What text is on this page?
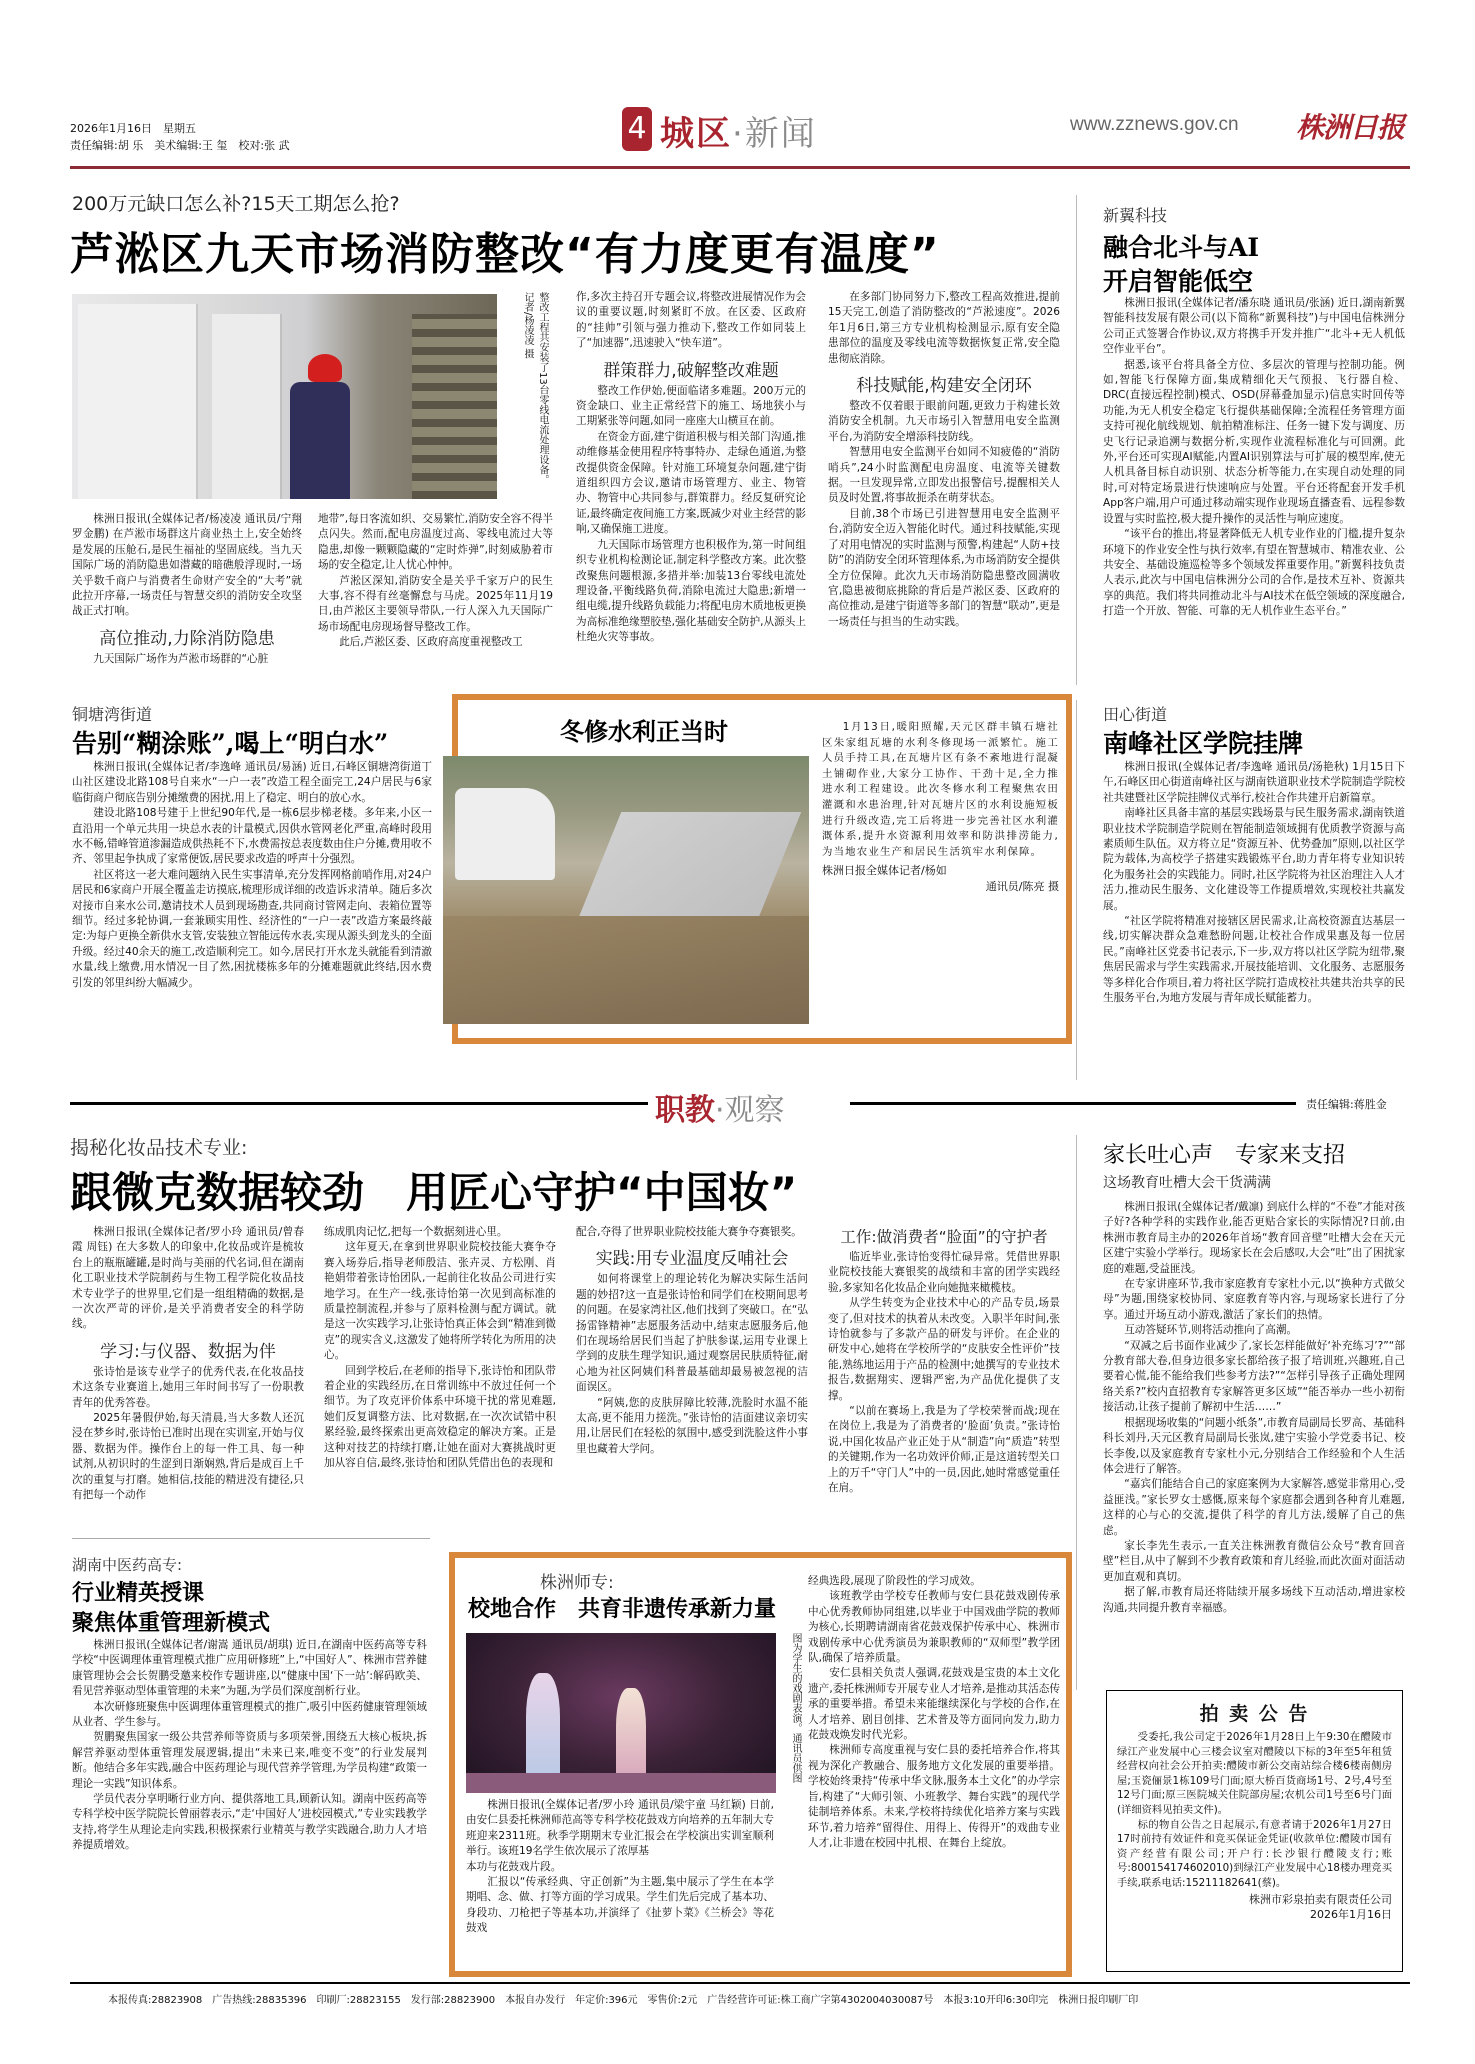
2026年1月16日　星期五
责任编辑:胡 乐　美术编辑:王 玺　校对:张 武	4 城区·新闻	www.zznews.gov.cn 株洲日报
200万元缺口怎么补?15天工期怎么抢?
芦淞区九天市场消防整改“有力度更有温度”
整改工程共安装了13台零线电流处理设备。记者/杨凌凌 摄

株洲日报讯(全媒体记者/杨凌凌 通讯员/宁翔 罗金鹏) 在芦淞市场群这片商业热土上,安全始终是发展的压舱石,是民生福祉的坚固底线。当九天国际广场的消防隐患如潜藏的暗礁般浮现时,一场关乎数千商户与消费者生命财产安全的“大考”就此拉开序幕,一场责任与智慧交织的消防安全攻坚战正式打响。

高位推动,力除消防隐患

九天国际广场作为芦淞市场群的“心脏

地带”,每日客流如织、交易繁忙,消防安全容不得半点闪失。然而,配电房温度过高、零线电流过大等隐患,却像一颗颗隐藏的“定时炸弹”,时刻威胁着市场的安全稳定,让人忧心忡忡。

芦淞区深知,消防安全是关乎千家万户的民生大事,容不得有丝毫懈怠与马虎。2025年11月19日,由芦淞区主要领导带队,一行人深入九天国际广场市场配电房现场督导整改工作。

此后,芦淞区委、区政府高度重视整改工

作,多次主持召开专题会议,将整改进展情况作为会议的重要议题,时刻紧盯不放。在区委、区政府的“挂帅”引领与强力推动下,整改工作如同装上了“加速器”,迅速驶入“快车道”。

群策群力,破解整改难题

整改工作伊始,便面临诸多难题。200万元的资金缺口、业主正常经营下的施工、场地狭小与工期紧张等问题,如同一座座大山横亘在前。

在资金方面,建宁街道积极与相关部门沟通,推动维修基金使用程序特事特办、走绿色通道,为整改提供资金保障。针对施工环境复杂问题,建宁街道组织四方会议,邀请市场管理方、业主、物管办、物管中心共同参与,群策群力。经反复研究论证,最终确定夜间施工方案,既减少对业主经营的影响,又确保施工进度。

九天国际市场管理方也积极作为,第一时间组织专业机构检测论证,制定科学整改方案。此次整改聚焦问题根源,多措并举:加装13台零线电流处理设备,平衡线路负荷,消除电流过大隐患;新增一组电缆,提升线路负载能力;将配电房木质地板更换为高标准绝缘塑胶垫,强化基础安全防护,从源头上杜绝火灾等事故。

在多部门协同努力下,整改工程高效推进,提前15天完工,创造了消防整改的“芦淞速度”。2026年1月6日,第三方专业机构检测显示,原有安全隐患部位的温度及零线电流等数据恢复正常,安全隐患彻底消除。

科技赋能,构建安全闭环

整改不仅着眼于眼前问题,更致力于构建长效消防安全机制。九天市场引入智慧用电安全监测平台,为消防安全增添科技防线。

智慧用电安全监测平台如同不知疲倦的“消防哨兵”,24小时监测配电房温度、电流等关键数据。一旦发现异常,立即发出报警信号,提醒相关人员及时处置,将事故扼杀在萌芽状态。

目前,38个市场已引进智慧用电安全监测平台,消防安全迈入智能化时代。通过科技赋能,实现了对用电情况的实时监测与预警,构建起“人防+技防”的消防安全闭环管理体系,为市场消防安全提供全方位保障。此次九天市场消防隐患整改圆满收官,隐患被彻底挑除的背后是芦淞区委、区政府的高位推动,是建宁街道等多部门的智慧“联动”,更是一场责任与担当的生动实践。

新翼科技
融合北斗与AI
开启智能低空

株洲日报讯(全媒体记者/潘东晓 通讯员/张涵) 近日,湖南新翼智能科技发展有限公司(以下简称“新翼科技”)与中国电信株洲分公司正式签署合作协议,双方将携手开发并推广“北斗+无人机低空作业平台”。

据悉,该平台将具备全方位、多层次的管理与控制功能。例如,智能飞行保障方面,集成精细化天气预报、飞行器自检、DRC(直接远程控制)模式、OSD(屏幕叠加显示)信息实时回传等功能,为无人机安全稳定飞行提供基础保障;全流程任务管理方面支持可视化航线规划、航拍精准标注、任务一键下发与调度、历史飞行记录追溯与数据分析,实现作业流程标准化与可回溯。此外,平台还可实现AI赋能,内置AI识别算法与可扩展的模型库,使无人机具备目标自动识别、状态分析等能力,在实现自动处理的同时,可对特定场景进行快速响应与处置。平台还将配套开发手机App客户端,用户可通过移动端实现作业现场直播查看、远程参数设置与实时监控,极大提升操作的灵活性与响应速度。

“该平台的推出,将显著降低无人机专业作业的门槛,提升复杂环境下的作业安全性与执行效率,有望在智慧城市、精准农业、公共安全、基础设施巡检等多个领域发挥重要作用。”新翼科技负责人表示,此次与中国电信株洲分公司的合作,是技术互补、资源共享的典范。我们将共同推动北斗与AI技术在低空领域的深度融合,打造一个开放、智能、可靠的无人机作业生态平台。”

铜塘湾街道
告别“糊涂账”,喝上“明白水”

株洲日报讯(全媒体记者/李逸峰 通讯员/易涵) 近日,石峰区铜塘湾街道丁山社区建设北路108号自来水“一户一表”改造工程全面完工,24户居民与6家临街商户彻底告别分摊缴费的困扰,用上了稳定、明白的放心水。

建设北路108号建于上世纪90年代,是一栋6层步梯老楼。多年来,小区一直沿用一个单元共用一块总水表的计量模式,因供水管网老化严重,高峰时段用水不畅,错峰管道渗漏造成供热耗不下,水费需按总表度数由住户分摊,费用收不齐、邻里起争执成了家常便饭,居民要求改造的呼声十分强烈。

社区将这一老大难问题纳入民生实事清单,充分发挥网格前哨作用,对24户居民和6家商户开展全覆盖走访摸底,梳理形成详细的改造诉求清单。随后多次对接市自来水公司,邀请技术人员到现场勘查,共同商讨管网走向、表箱位置等细节。经过多轮协调,一套兼顾实用性、经济性的“一户一表”改造方案最终敲定:为每户更换全新供水支管,安装独立智能远传水表,实现从源头到龙头的全面升级。经过40余天的施工,改造顺利完工。如今,居民打开水龙头就能看到清澈水量,线上缴费,用水情况一目了然,困扰楼栋多年的分摊难题就此终结,因水费引发的邻里纠纷大幅减少。

冬修水利正当时	1月13日,暖阳照耀,天元区群丰镇石塘社区朱家组瓦塘的水利冬修现场一派繁忙。施工人员手持工具,在瓦塘片区有条不紊地进行混凝土铺砌作业,大家分工协作、干劲十足,全力推进水利工程建设。此次冬修水利工程聚焦农田灌溉和水患治理,针对瓦塘片区的水利设施短板进行升级改造,完工后将进一步完善社区水利灌溉体系,提升水资源利用效率和防洪排涝能力,为当地农业生产和居民生活筑牢水利保障。

株洲日报全媒体记者/杨如
通讯员/陈亮 摄
田心街道
南峰社区学院挂牌

株洲日报讯(全媒体记者/李逸峰 通讯员/汤艳秋) 1月15日下午,石峰区田心街道南峰社区与湖南铁道职业技术学院制造学院校社共建暨社区学院挂牌仪式举行,校社合作共建开启新篇章。

南峰社区具备丰富的基层实践场景与民生服务需求,湖南铁道职业技术学院制造学院则在智能制造领域拥有优质教学资源与高素质师生队伍。双方将立足“资源互补、优势叠加”原则,以社区学院为载体,为高校学子搭建实践锻炼平台,助力青年将专业知识转化为服务社会的实践能力。同时,社区学院将为社区治理注入人才活力,推动民生服务、文化建设等工作提质增效,实现校社共赢发展。

“社区学院将精准对接辖区居民需求,让高校资源直达基层一线,切实解决群众急难愁盼问题,让校社合作成果惠及每一位居民。”南峰社区党委书记表示,下一步,双方将以社区学院为纽带,聚焦居民需求与学生实践需求,开展技能培训、文化服务、志愿服务等多样化合作项目,着力将社区学院打造成校社共建共治共享的民生服务平台,为地方发展与青年成长赋能蓄力。

职教·观察	责任编辑:蒋胜金
揭秘化妆品技术专业:
跟微克数据较劲　用匠心守护“中国妆”

株洲日报讯(全媒体记者/罗小玲 通讯员/曾春霞 周钰) 在大多数人的印象中,化妆品或许是梳妆台上的瓶瓶罐罐,是时尚与美丽的代名词,但在湖南化工职业技术学院制药与生物工程学院化妆品技术专业学子的世界里,它们是一组组精确的数据,是一次次严苛的评价,是关乎消费者安全的科学防线。

学习:与仪器、数据为伴

张诗怡是该专业学子的优秀代表,在化妆品技术这条专业赛道上,她用三年时间书写了一份职教青年的优秀答卷。

2025年暑假伊始,每天清晨,当大多数人还沉浸在梦乡时,张诗怡已准时出现在实训室,开始与仪器、数据为伴。操作台上的每一件工具、每一种试剂,从初识时的生涩到日渐娴熟,背后是成百上千次的重复与打磨。她相信,技能的精进没有捷径,只有把每一个动作

练成肌肉记忆,把每一个数据刻进心里。

这年夏天,在拿到世界职业院校技能大赛争夺赛入场券后,指导老师殷洁、张卉灵、方松刚、肖艳娟带着张诗怡团队,一起前往化妆品公司进行实地学习。在生产一线,张诗怡第一次见到高标准的质量控制流程,并参与了原料检测与配方调试。就是这一次实践学习,让张诗怡真正体会到“精准到微克”的现实含义,这激发了她将所学转化为所用的决心。

回到学校后,在老师的指导下,张诗怡和团队带着企业的实践经历,在日常训练中不放过任何一个细节。为了攻克评价体系中环境干扰的常见难题,她们反复调整方法、比对数据,在一次次试错中积累经验,最终探索出更高效稳定的解决方案。正是这种对技艺的持续打磨,让她在面对大赛挑战时更加从容自信,最终,张诗怡和团队凭借出色的表现和

配合,夺得了世界职业院校技能大赛争夺赛银奖。

实践:用专业温度反哺社会

如何将课堂上的理论转化为解决实际生活问题的妙招?这一直是张诗怡和同学们在校期间思考的问题。在晏家湾社区,他们找到了突破口。在“弘扬雷锋精神”志愿服务活动中,结束志愿服务后,他们在现场给居民们当起了护肤参谋,运用专业课上学到的皮肤生理学知识,通过观察居民肤质特征,耐心地为社区阿姨们科普最基础却最易被忽视的洁面误区。

“阿姨,您的皮肤屏障比较薄,洗脸时水温不能太高,更不能用力搓洗。”张诗怡的洁面建议亲切实用,让居民们在轻松的氛围中,感受到洗脸这件小事里也藏着大学问。

工作:做消费者“脸面”的守护者

临近毕业,张诗怡变得忙碌异常。凭借世界职业院校技能大赛银奖的战绩和丰富的团学实践经验,多家知名化妆品企业向她抛来橄榄枝。

从学生转变为企业技术中心的产品专员,场景变了,但对技术的执着从未改变。入职半年时间,张诗怡就参与了多款产品的研发与评价。在企业的研发中心,她将在学校所学的“皮肤安全性评价”技能,熟练地运用于产品的检测中;她撰写的专业技术报告,数据翔实、逻辑严密,为产品优化提供了支撑。

“以前在赛场上,我是为了学校荣誉而战;现在在岗位上,我是为了消费者的‘脸面’负责。”张诗怡说,中国化妆品产业正处于从“制造”向“质造”转型的关键期,作为一名功效评价师,正是这道转型关口上的万千“守门人”中的一员,因此,她时常感觉重任在肩。

家长吐心声　专家来支招
这场教育吐槽大会干货满满

株洲日报讯(全媒体记者/戴凛) 到底什么样的“不卷”才能对孩子好?各种学科的实践作业,能否更贴合家长的实际情况?日前,由株洲市教育局主办的2026年首场“教育回音壁”吐槽大会在天元区建宁实验小学举行。现场家长在会后感叹,大会“吐”出了困扰家庭的难题,受益匪浅。

在专家讲座环节,我市家庭教育专家杜小元,以“换种方式做父母”为题,围绕家校协同、家庭教育等内容,与现场家长进行了分享。通过开场互动小游戏,激活了家长们的热情。

互动答疑环节,则将活动推向了高潮。

“双减之后书面作业减少了,家长怎样能做好‘补充练习’?”“部分教育部大卷,但身边很多家长都给孩子报了培训班,兴趣班,自己要着心慌,能不能给我们些参考方法?”“怎样引导孩子正确处理网络关系?”校内直招教育专家解答更多区域”“能否举办一些小初衔接活动,让孩子提前了解初中生活……”

根据现场收集的“问题小纸条”,市教育局副局长罗高、基础科科长刘丹,天元区教育局副局长张岚,建宁实验小学党委书记、校长李俊,以及家庭教育专家杜小元,分别结合工作经验和个人生活体会进行了解答。

“嘉宾们能结合自己的家庭案例为大家解答,感觉非常用心,受益匪浅。”家长罗女士感慨,原来每个家庭都会遇到各种育儿难题,这样的心与心的交流,提供了科学的育儿方法,缓解了自己的焦虑。

家长李先生表示,一直关注株洲教育微信公众号“教育回音壁”栏目,从中了解到不少教育政策和育儿经验,而此次面对面活动更加直观和真切。

据了解,市教育局还将陆续开展多场线下互动活动,增进家校沟通,共同提升教育幸福感。

湖南中医药高专:
行业精英授课
聚焦体重管理新模式

株洲日报讯(全媒体记者/谢嵩 通讯员/胡琪) 近日,在湖南中医药高等专科学校“中医调理体重管理模式推广应用研修班”上,“中国好人”、株洲市营养健康管理协会会长贺鹏受邀来校作专题讲座,以“健康中国‘下一站’:解码欧美、看见营养驱动型体重管理的未来”为题,为学员们深度剖析行业。

本次研修班聚焦中医调理体重管理模式的推广,吸引中医药健康管理领域从业者、学生参与。

贺鹏聚焦国家一级公共营养师等资质与多项荣誉,围绕五大核心板块,拆解营养驱动型体重管理发展逻辑,提出“未来已来,唯变不变”的行业发展判断。他结合多年实践,融合中医药理论与现代营养学管理,为学员构建“政策一理论一实践”知识体系。

学员代表分享明晰行业方向、提供落地工具,顾新认知。湖南中医药高等专科学校中医学院院长曾丽蓉表示,“走‘中国好人’进校园模式,”专业实践教学支持,将学生从理论走向实践,积极探索行业精英与教学实践融合,助力人才培养提质增效。

株洲师专:
校地合作　共育非遗传承新力量
图为学生的戏剧表演。通讯员供图

株洲日报讯(全媒体记者/罗小玲 通讯员/梁宇童 马红颖) 日前,由安仁县委托株洲师范高等专科学校花鼓戏方向培养的五年制大专班迎来2311班。秋季学期期末专业汇报会在学校演出实训室顺利举行。该班19名学生依次展示了浓厚基

本功与花鼓戏片段。

汇报以“传承经典、守正创新”为主题,集中展示了学生在本学期唱、念、做、打等方面的学习成果。学生们先后完成了基本功、身段功、刀枪把子等基本功,并演绎了《扯萝卜菜》《兰桥会》等花鼓戏

经典选段,展现了阶段性的学习成效。

该班教学由学校专任教师与安仁县花鼓戏剧传承中心优秀教师协同组建,以毕业于中国戏曲学院的教师为核心,长期聘请湖南省花鼓戏保护传承中心、株洲市戏剧传承中心优秀演员为兼职教师的“双师型”教学团队,确保了培养质量。

安仁县相关负责人强调,花鼓戏是宝贵的本土文化遗产,委托株洲师专开展专业人才培养,是推动其活态传承的重要举措。希望未来能继续深化与学校的合作,在人才培养、剧目创排、艺术普及等方面同向发力,助力花鼓戏焕发时代光彩。

株洲师专高度重视与安仁县的委托培养合作,将其视为深化产教融合、服务地方文化发展的重要举措。学校始终秉持“传承中华文脉,服务本土文化”的办学宗旨,构建了“大师引领、小班教学、舞台实践”的现代学徒制培养体系。未来,学校将持续优化培养方案与实践环节,着力培养“留得住、用得上、传得开”的戏曲专业人才,让非遗在校园中扎根、在舞台上绽放。

拍 卖 公 告

受委托,我公司定于2026年1月28日上午9:30在醴陵市绿江产业发展中心三楼会议室对醴陵以下标的3年至5年租赁经营权向社会公开拍卖:醴陵市新公交南站综合楼6楼南侧房屋;玉瓷俪景1栋109号门面;原大桥百货商场1号、2号,4号至12号门面;原三医院城关住院部房屋;农机公司1号至6号门面(详细资料见拍卖文件)。

标的物自公告之日起展示,有意者请于2026年1月27日17时前持有效证件和竞买保证金凭证(收款单位:醴陵市国有资产经营有限公司;开户行:长沙银行醴陵支行;账号:800154174602010)到绿江产业发展中心18楼办理竞买手续,联系电话:15211182641(蔡)。

株洲市彩泉拍卖有限责任公司
2026年1月16日
本报传真:28823908　广告热线:28835396　印刷厂:28823155　发行部:28823900　本报自办发行　年定价:396元　零售价:2元　广告经营许可证:株工商广字第4302004030087号　本报3:10开印6:30印完　株洲日报印刷厂印
